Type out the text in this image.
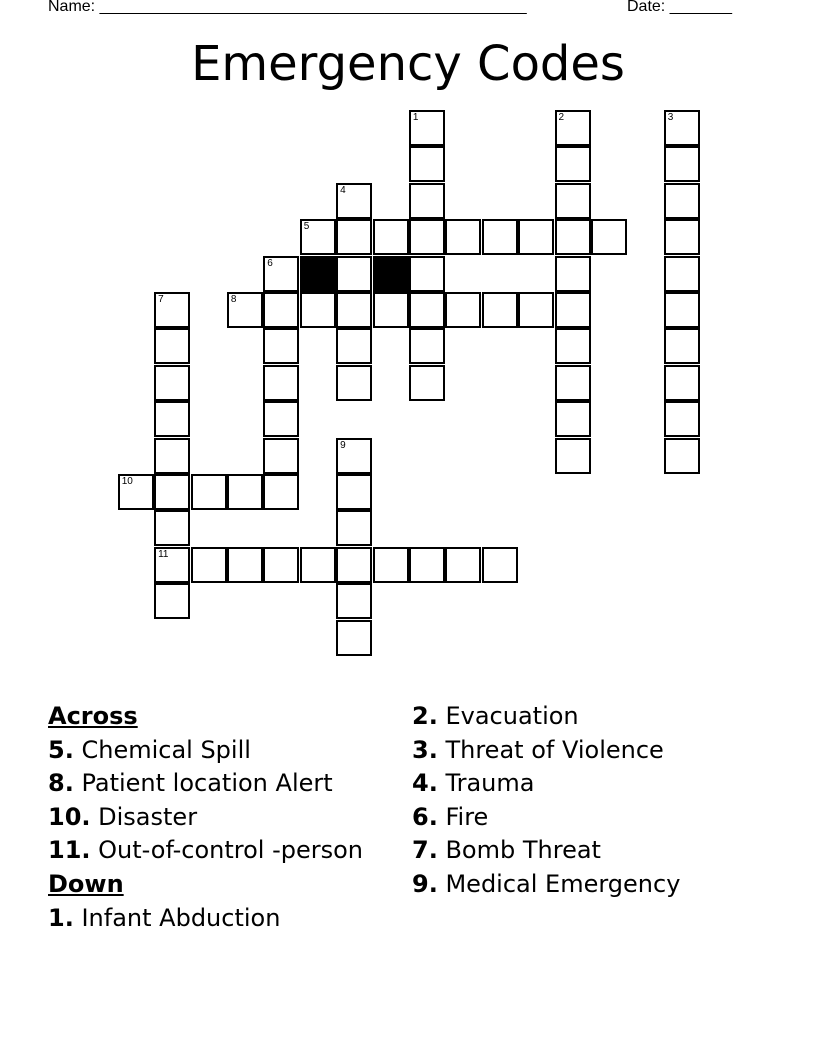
Name: ________________________________________________	Date: _______
Emergency Codes
1	2	3
4
5
6
7	8
9
10
11
Across
5. Chemical Spill
8. Patient location Alert
10. Disaster
11. Out-of-control -person
Down
1. Infant Abduction
2. Evacuation
3. Threat of Violence
4. Trauma
6. Fire
7. Bomb Threat
9. Medical Emergency
